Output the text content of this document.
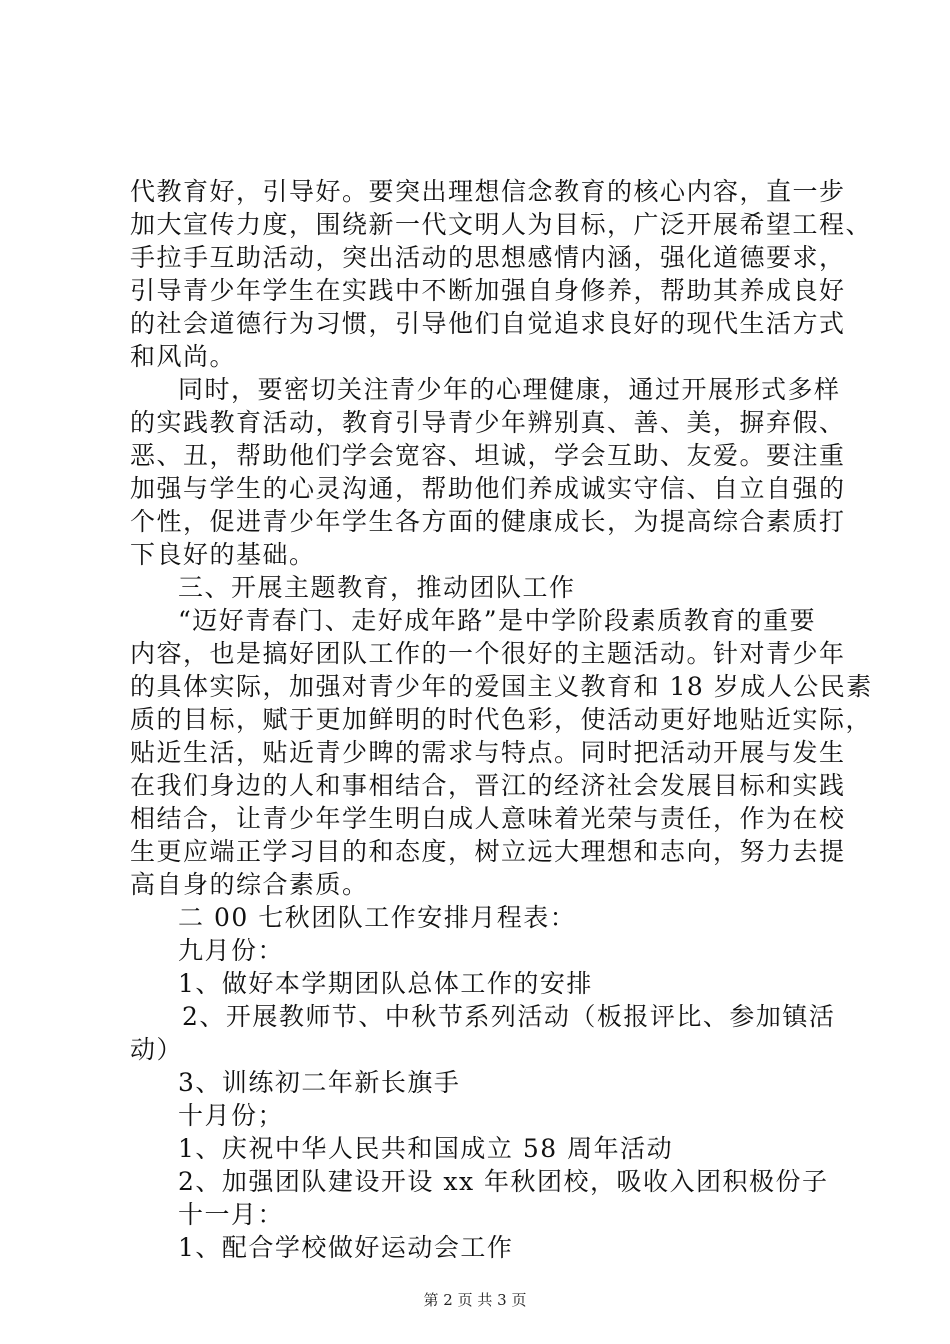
代教育好，引导好。要突出理想信念教育的核心内容，直一步
加大宣传力度，围绕新一代文明人为目标，广泛开展希望工程、
手拉手互助活动，突出活动的思想感情内涵，强化道德要求，
引导青少年学生在实践中不断加强自身修养，帮助其养成良好
的社会道德行为习惯，引导他们自觉追求良好的现代生活方式
和风尚。
同时，要密切关注青少年的心理健康，通过开展形式多样
的实践教育活动，教育引导青少年辨别真、善、美，摒弃假、
恶、丑，帮助他们学会宽容、坦诚，学会互助、友爱。要注重
加强与学生的心灵沟通，帮助他们养成诚实守信、自立自强的
个性，促进青少年学生各方面的健康成长，为提高综合素质打
下良好的基础。
三、开展主题教育，推动团队工作
“迈好青春门、走好成年路”是中学阶段素质教育的重要
内容，也是搞好团队工作的一个很好的主题活动。针对青少年
的具体实际，加强对青少年的爱国主义教育和 18 岁成人公民素
质的目标，赋于更加鲜明的时代色彩，使活动更好地贴近实际，
贴近生活，贴近青少睥的需求与特点。同时把活动开展与发生
在我们身边的人和事相结合，晋江的经济社会发展目标和实践
相结合，让青少年学生明白成人意味着光荣与责任，作为在校
生更应端正学习目的和态度，树立远大理想和志向，努力去提
高自身的综合素质。
二 00 七秋团队工作安排月程表：
九月份：
1、做好本学期团队总体工作的安排
2、开展教师节、中秋节系列活动（板报评比、参加镇活
动）
3、训练初二年新长旗手
十月份；
1、庆祝中华人民共和国成立 58 周年活动
2、加强团队建设开设 xx 年秋团校，吸收入团积极份子
十一月：
1、配合学校做好运动会工作
第 2 页 共 3 页
